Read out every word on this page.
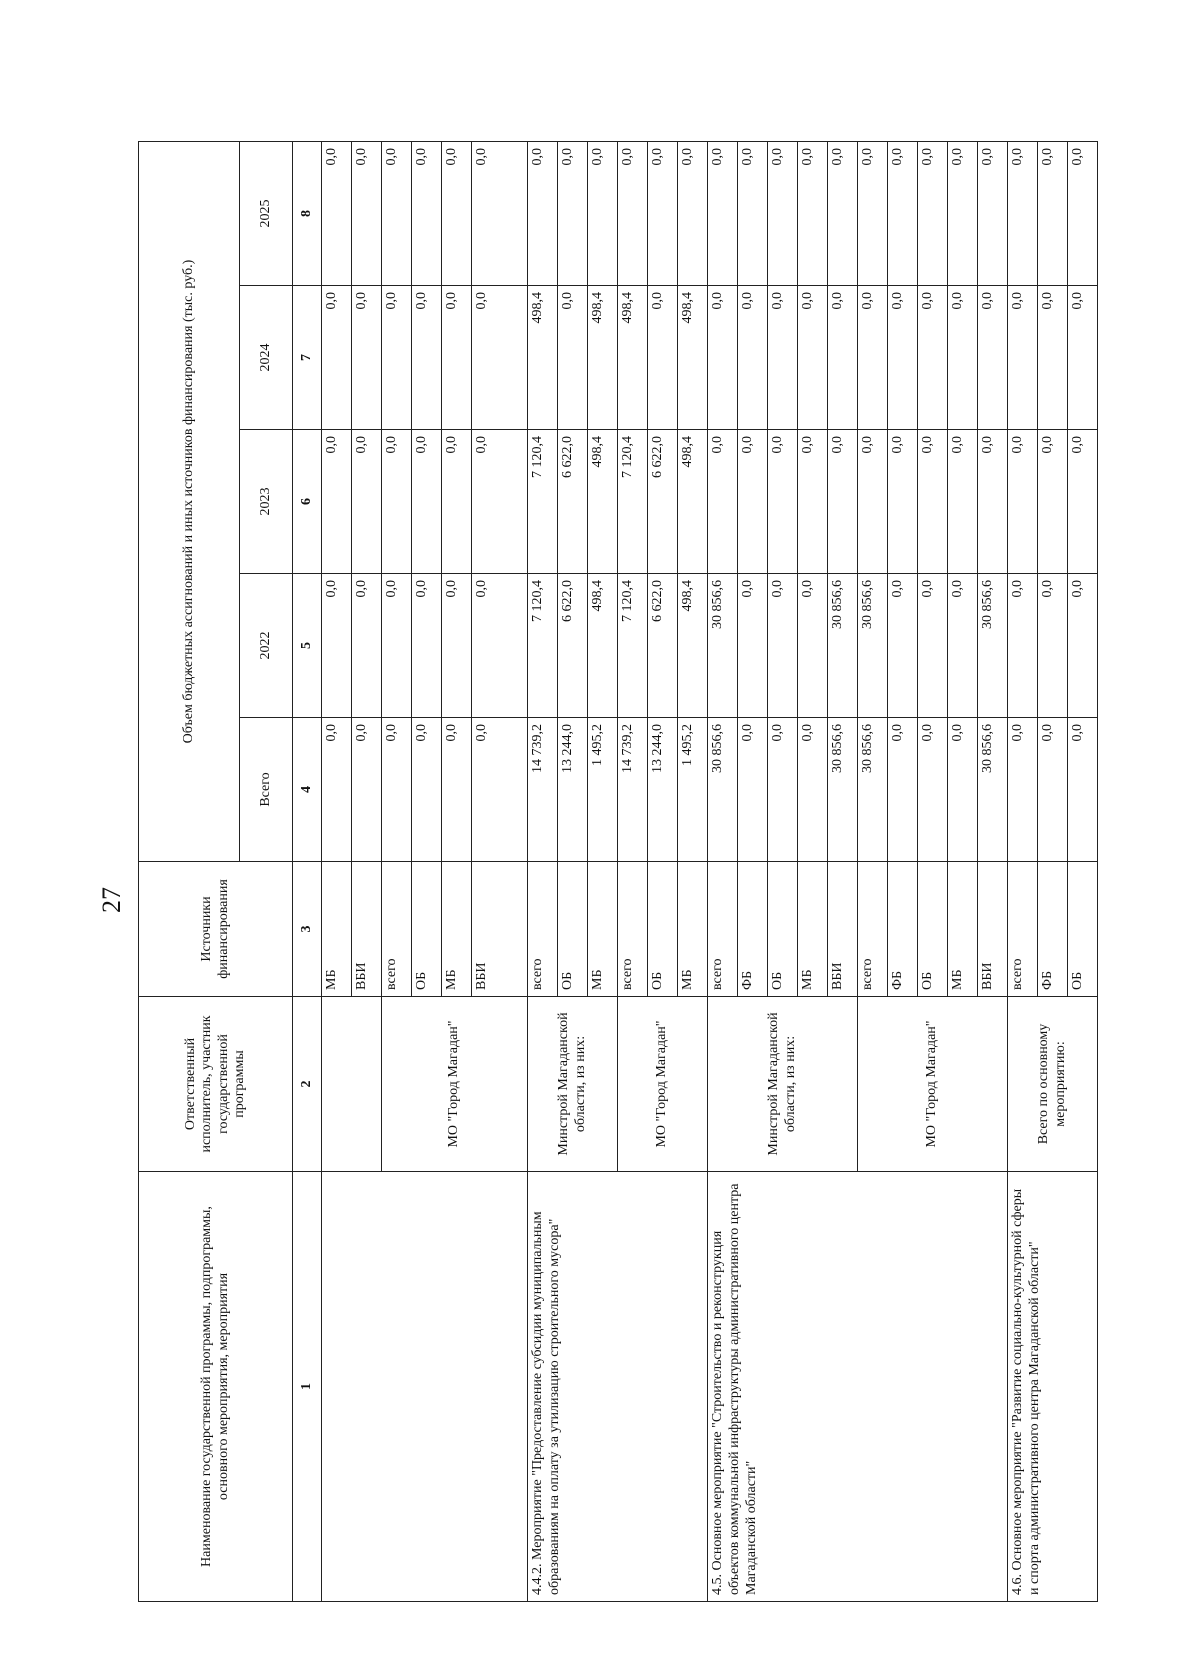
27
Наименование государственной программы, подпрограммы, основного мероприятия, мероприятия	Ответственный исполнитель, участник государственной программы	Источники финансирования	Объем бюджетных ассигнований и иных источников финансирования (тыс. руб.)				
			Всего	2022	2023	2024	2025
1	2	3	4	5	6	7	8
		МБ	0,0	0,0	0,0	0,0	0,0
		ВБИ	0,0	0,0	0,0	0,0	0,0
	МО "Город Магадан"	всего	0,0	0,0	0,0	0,0	0,0
		ОБ	0,0	0,0	0,0	0,0	0,0
		МБ	0,0	0,0	0,0	0,0	0,0
		ВБИ	0,0	0,0	0,0	0,0	0,0
4.4.2. Мероприятие "Предоставление субсидии муниципальным образованиям на оплату за утилизацию строительного мусора"	Минстрой Магаданской области, из них:	всего	14 739,2	7 120,4	7 120,4	498,4	0,0
		ОБ	13 244,0	6 622,0	6 622,0	0,0	0,0
		МБ	1 495,2	498,4	498,4	498,4	0,0
	МО "Город Магадан"	всего	14 739,2	7 120,4	7 120,4	498,4	0,0
		ОБ	13 244,0	6 622,0	6 622,0	0,0	0,0
		МБ	1 495,2	498,4	498,4	498,4	0,0
4.5. Основное мероприятие "Строительство и реконструкция объектов коммунальной инфраструктуры административного центра Магаданской области"	Минстрой Магаданской области, из них:	всего	30 856,6	30 856,6	0,0	0,0	0,0
		ФБ	0,0	0,0	0,0	0,0	0,0
		ОБ	0,0	0,0	0,0	0,0	0,0
		МБ	0,0	0,0	0,0	0,0	0,0
		ВБИ	30 856,6	30 856,6	0,0	0,0	0,0
	МО "Город Магадан"	всего	30 856,6	30 856,6	0,0	0,0	0,0
		ФБ	0,0	0,0	0,0	0,0	0,0
		ОБ	0,0	0,0	0,0	0,0	0,0
		МБ	0,0	0,0	0,0	0,0	0,0
		ВБИ	30 856,6	30 856,6	0,0	0,0	0,0
4.6. Основное мероприятие "Развитие социально-культурной сферы и спорта административного центра Магаданской области"	Всего по основному мероприятию:	всего	0,0	0,0	0,0	0,0	0,0
		ФБ	0,0	0,0	0,0	0,0	0,0
		ОБ	0,0	0,0	0,0	0,0	0,0
